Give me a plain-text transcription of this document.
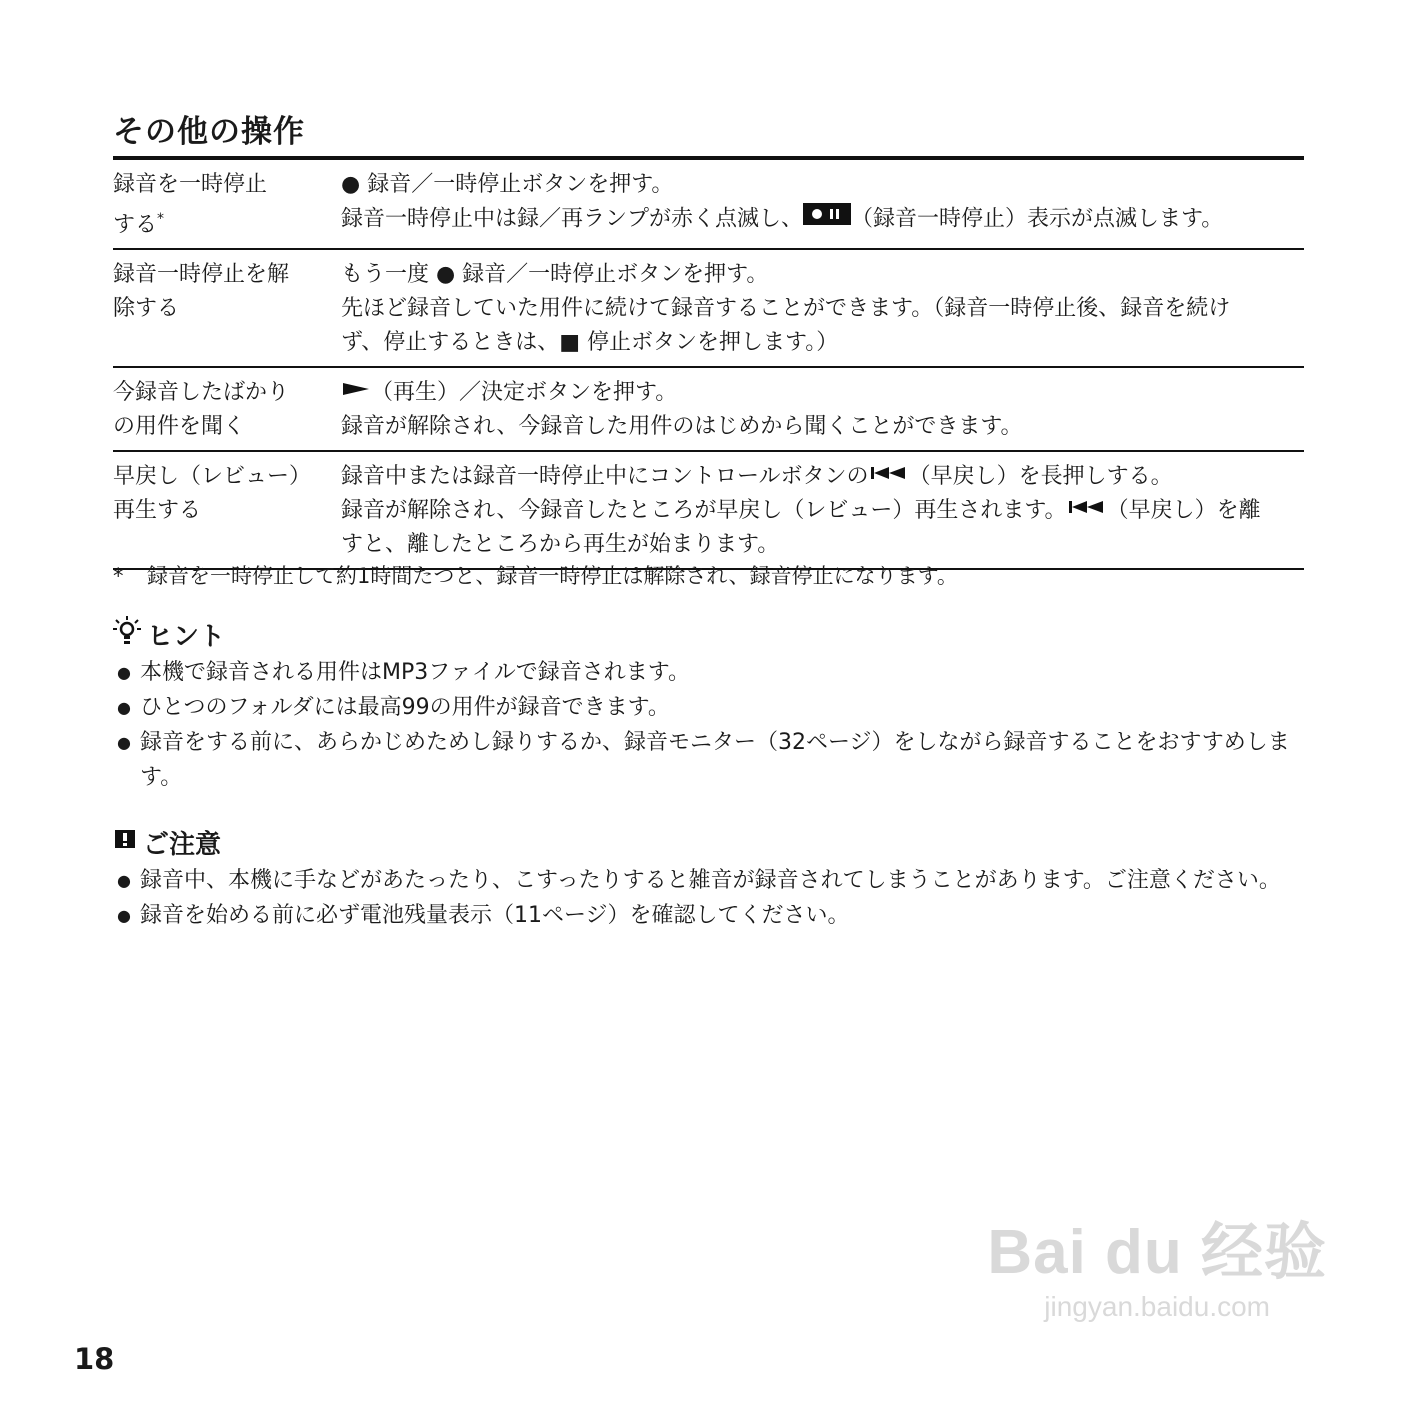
その他の操作
録音を一時停止
する*
● 録音／一時停止ボタンを押す。
録音一時停止中は録／再ランプが赤く点滅し、 （録音一時停止）表示が点滅します。
録音一時停止を解
除する
もう一度 ● 録音／一時停止ボタンを押す。
先ほど録音していた用件に続けて録音することができます。（録音一時停止後、録音を続け
ず、停止するときは、■ 停止ボタンを押します。）
今録音したばかり
の用件を聞く
（再生）／決定ボタンを押す。
録音が解除され、今録音した用件のはじめから聞くことができます。
早戻し（レビュー）
再生する
録音中または録音一時停止中にコントロールボタンの （早戻し）を長押しする。
録音が解除され、今録音したところが早戻し（レビュー）再生されます。 （早戻し）を離
すと、離したところから再生が始まります。
* 録音を一時停止して約1時間たつと、録音一時停止は解除され、録音停止になります。
ヒント
● 本機で録音される用件はMP3ファイルで録音されます。
● ひとつのフォルダには最高99の用件が録音できます。
● 録音をする前に、あらかじめためし録りするか、録音モニター（32ページ）をしながら録音することをおすすめします。
ご注意
● 録音中、本機に手などがあたったり、こすったりすると雑音が録音されてしまうことがあります。ご注意ください。
● 録音を始める前に必ず電池残量表示（11ページ）を確認してください。
18
Bai du 经验
jingyan.baidu.com
